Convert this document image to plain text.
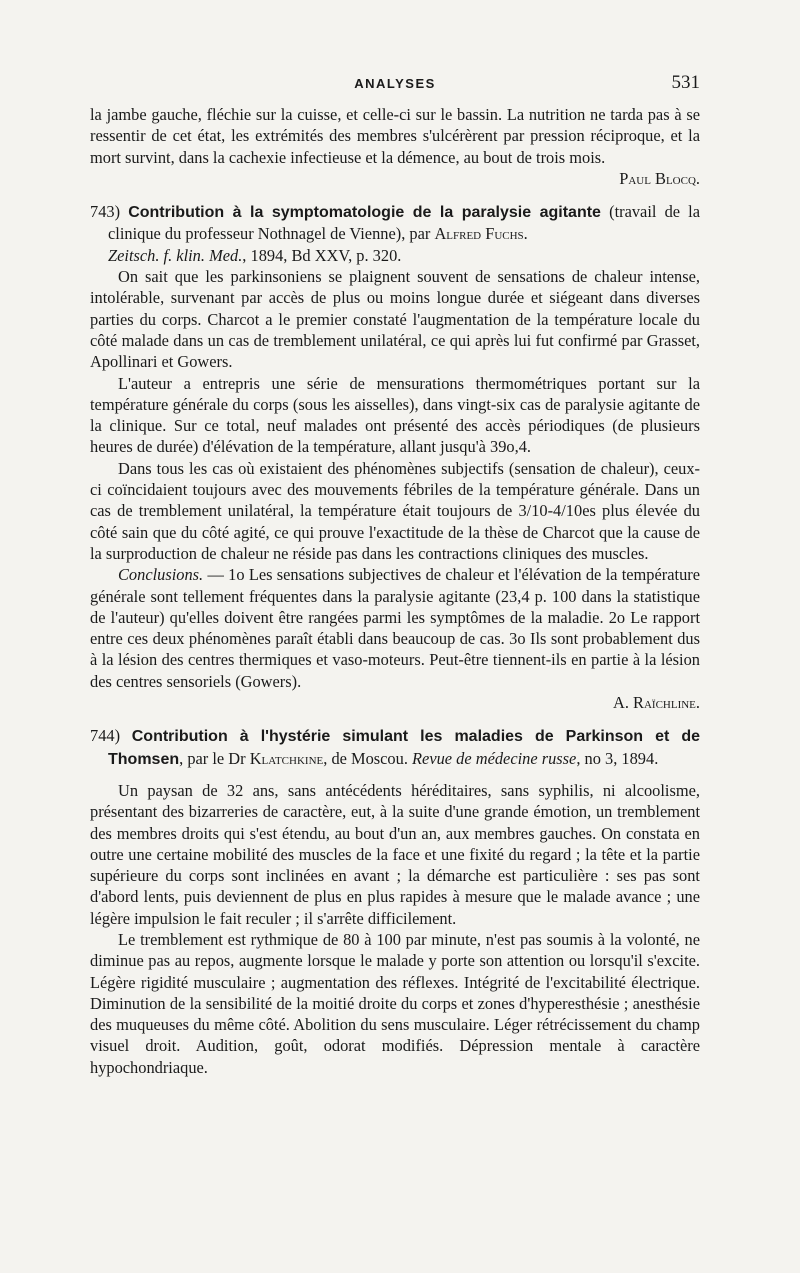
ANALYSES	531

la jambe gauche, fléchie sur la cuisse, et celle-ci sur le bassin. La nutrition ne tarda pas à se ressentir de cet état, les extrémités des membres s'ulcérèrent par pression réciproque, et la mort survint, dans la cachexie infectieuse et la démence, au bout de trois mois.

Paul Blocq.

743) Contribution à la symptomatologie de la paralysie agitante (travail de la clinique du professeur Nothnagel de Vienne), par Alfred Fuchs.

Zeitsch. f. klin. Med., 1894, Bd XXV, p. 320.

On sait que les parkinsoniens se plaignent souvent de sensations de chaleur intense, intolérable, survenant par accès de plus ou moins longue durée et siégeant dans diverses parties du corps. Charcot a le premier constaté l'augmentation de la température locale du côté malade dans un cas de tremblement unilatéral, ce qui après lui fut confirmé par Grasset, Apollinari et Gowers.

L'auteur a entrepris une série de mensurations thermométriques portant sur la température générale du corps (sous les aisselles), dans vingt-six cas de paralysie agitante de la clinique. Sur ce total, neuf malades ont présenté des accès périodiques (de plusieurs heures de durée) d'élévation de la température, allant jusqu'à 39o,4.

Dans tous les cas où existaient des phénomènes subjectifs (sensation de chaleur), ceux-ci coïncidaient toujours avec des mouvements fébriles de la température générale. Dans un cas de tremblement unilatéral, la température était toujours de 3/10-4/10es plus élevée du côté sain que du côté agité, ce qui prouve l'exactitude de la thèse de Charcot que la cause de la surproduction de chaleur ne réside pas dans les contractions cliniques des muscles.

Conclusions. — 1o Les sensations subjectives de chaleur et l'élévation de la température générale sont tellement fréquentes dans la paralysie agitante (23,4 p. 100 dans la statistique de l'auteur) qu'elles doivent être rangées parmi les symptômes de la maladie. 2o Le rapport entre ces deux phénomènes paraît établi dans beaucoup de cas. 3o Ils sont probablement dus à la lésion des centres thermiques et vaso-moteurs. Peut-être tiennent-ils en partie à la lésion des centres sensoriels (Gowers).

A. Raïchline.

744) Contribution à l'hystérie simulant les maladies de Parkinson et de Thomsen, par le Dr Klatchkine, de Moscou. Revue de médecine russe, no 3, 1894.

Un paysan de 32 ans, sans antécédents héréditaires, sans syphilis, ni alcoolisme, présentant des bizarreries de caractère, eut, à la suite d'une grande émotion, un tremblement des membres droits qui s'est étendu, au bout d'un an, aux membres gauches. On constata en outre une certaine mobilité des muscles de la face et une fixité du regard ; la tête et la partie supérieure du corps sont inclinées en avant ; la démarche est particulière : ses pas sont d'abord lents, puis deviennent de plus en plus rapides à mesure que le malade avance ; une légère impulsion le fait reculer ; il s'arrête difficilement.

Le tremblement est rythmique de 80 à 100 par minute, n'est pas soumis à la volonté, ne diminue pas au repos, augmente lorsque le malade y porte son attention ou lorsqu'il s'excite. Légère rigidité musculaire ; augmentation des réflexes. Intégrité de l'excitabilité électrique. Diminution de la sensibilité de la moitié droite du corps et zones d'hyperesthésie ; anesthésie des muqueuses du même côté. Abolition du sens musculaire. Léger rétrécissement du champ visuel droit. Audition, goût, odorat modifiés. Dépression mentale à caractère hypochondriaque.
